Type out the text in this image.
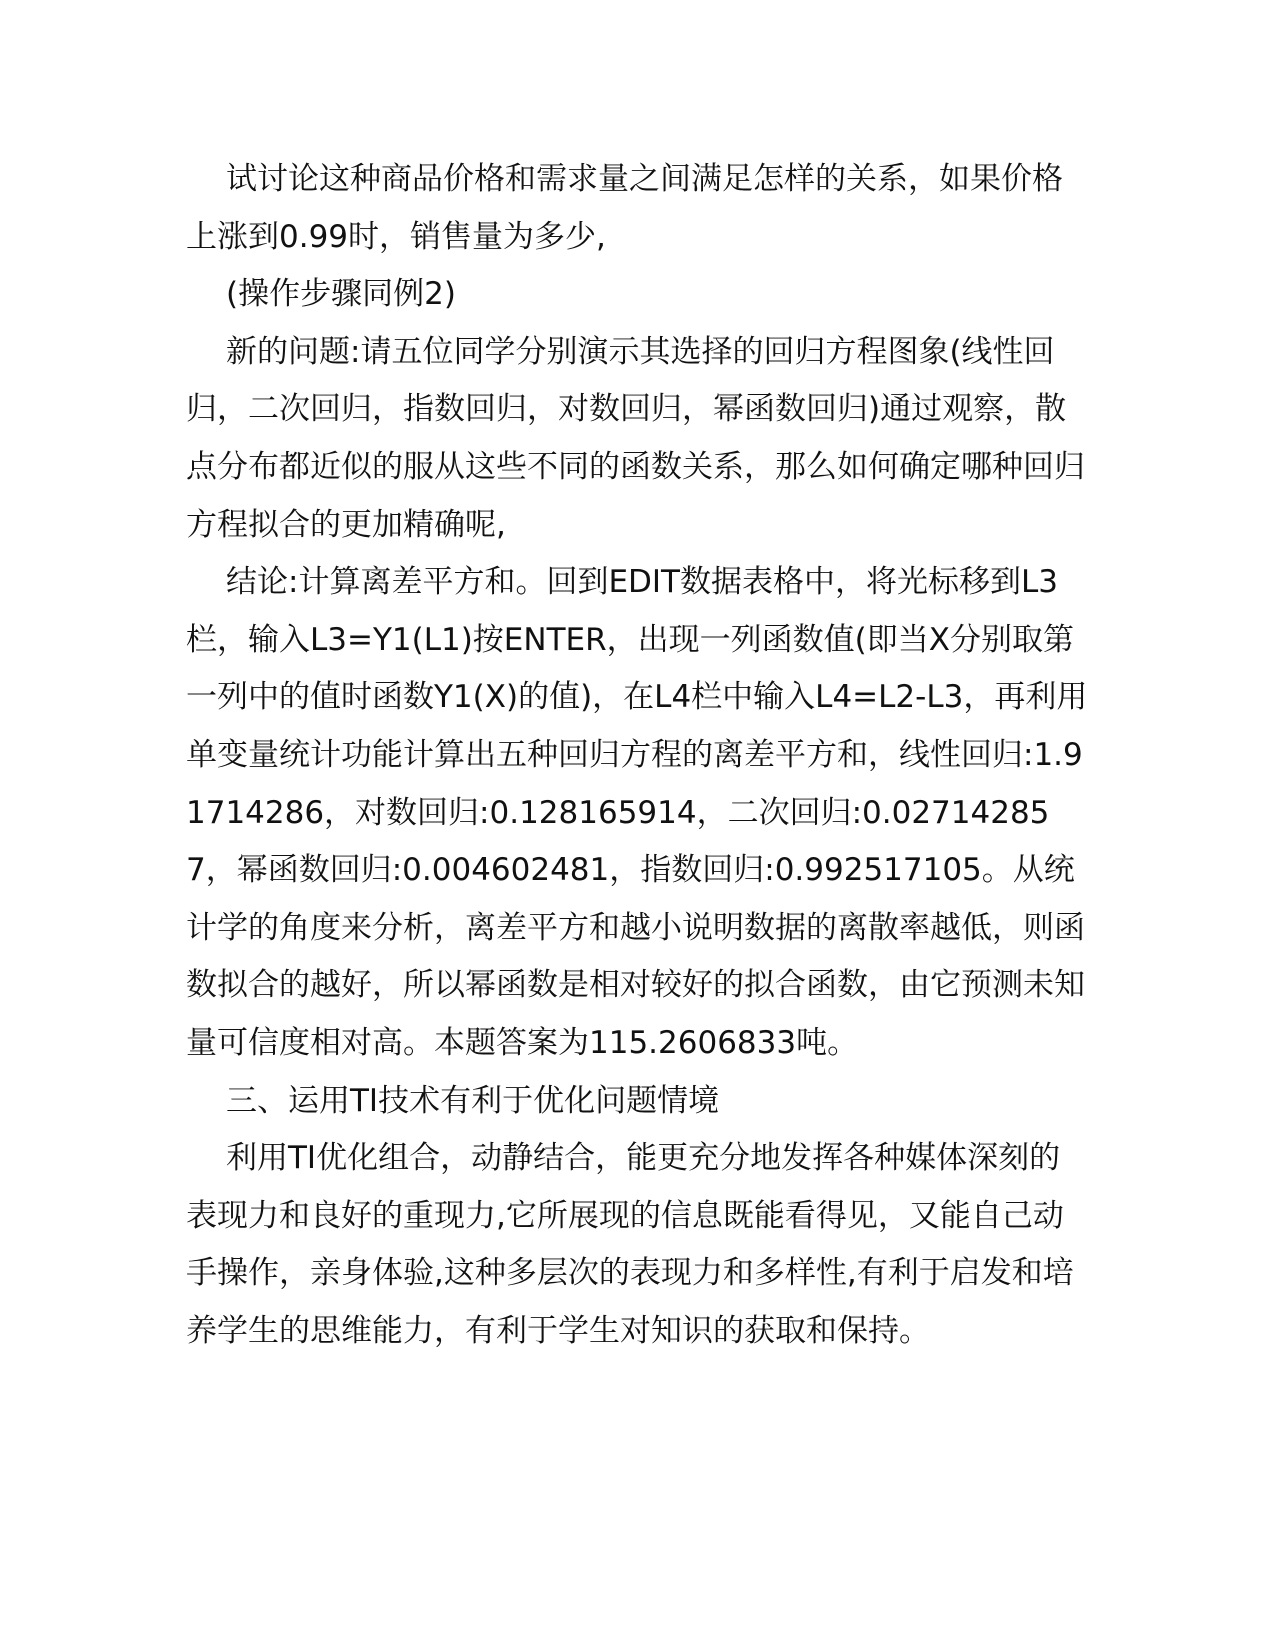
试讨论这种商品价格和需求量之间满足怎样的关系，如果价格上涨到0.99时，销售量为多少,

(操作步骤同例2)

新的问题:请五位同学分别演示其选择的回归方程图象(线性回归，二次回归，指数回归，对数回归，幂函数回归)通过观察，散点分布都近似的服从这些不同的函数关系，那么如何确定哪种回归方程拟合的更加精确呢,

结论:计算离差平方和。回到EDIT数据表格中，将光标移到L3栏，输入L3=Y1(L1)按ENTER，出现一列函数值(即当X分别取第一列中的值时函数Y1(X)的值)，在L4栏中输入L4=L2-L3，再利用单变量统计功能计算出五种回归方程的离差平方和，线性回归:1.91714286，对数回归:0.128165914，二次回归:0.027142857，幂函数回归:0.004602481，指数回归:0.992517105。从统计学的角度来分析，离差平方和越小说明数据的离散率越低，则函数拟合的越好，所以幂函数是相对较好的拟合函数，由它预测未知量可信度相对高。本题答案为115.2606833吨。

三、运用TI技术有利于优化问题情境

利用TI优化组合，动静结合，能更充分地发挥各种媒体深刻的表现力和良好的重现力,它所展现的信息既能看得见，又能自己动手操作，亲身体验,这种多层次的表现力和多样性,有利于启发和培养学生的思维能力，有利于学生对知识的获取和保持。
